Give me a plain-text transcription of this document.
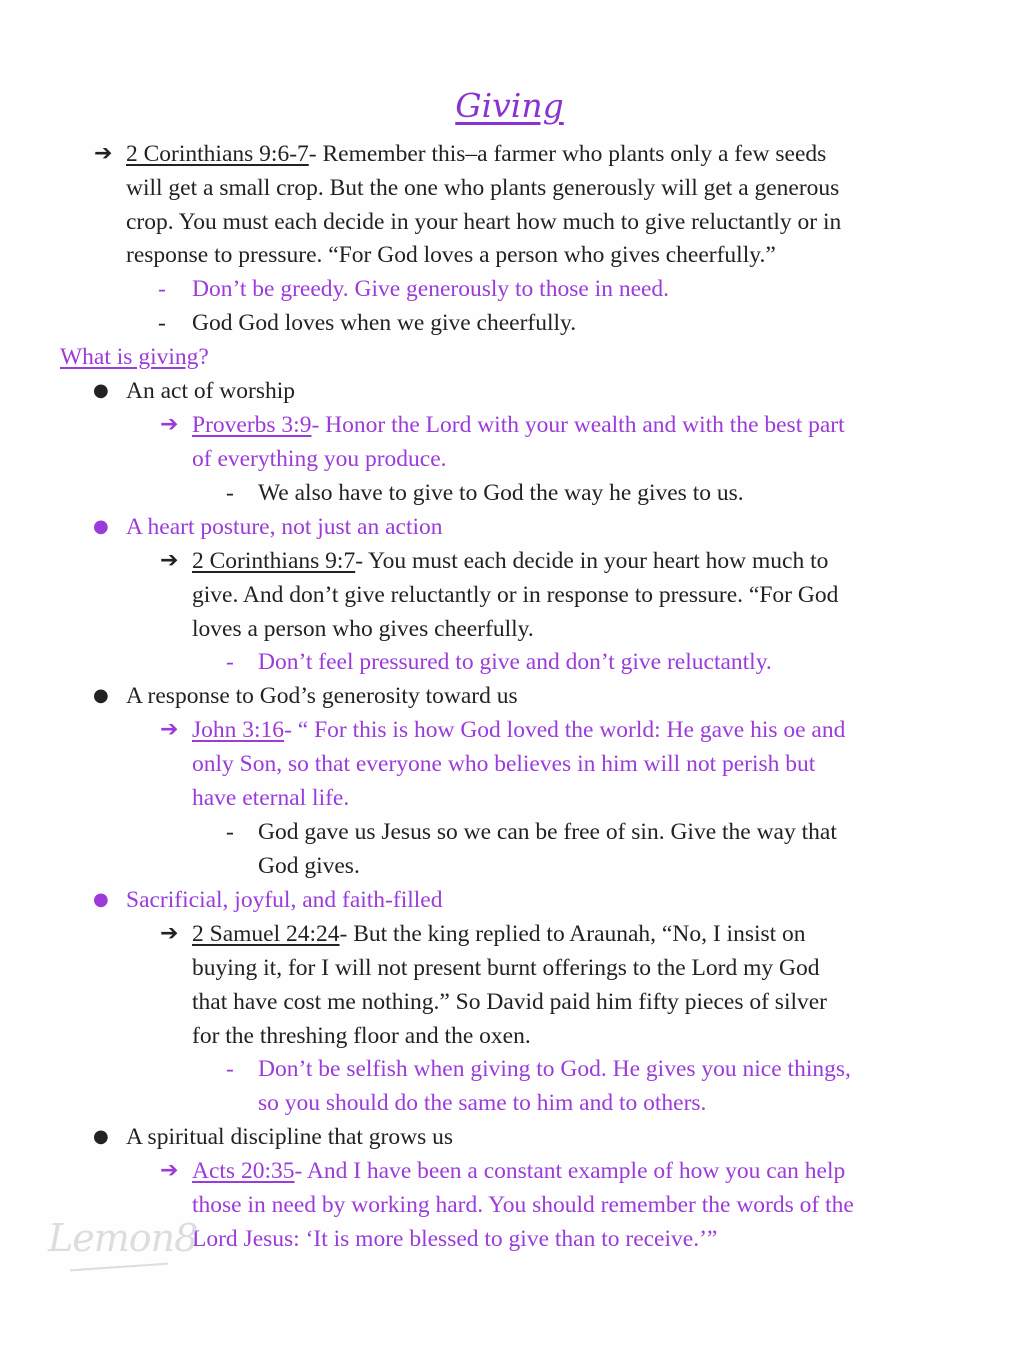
Giving
➔ 2 Corinthians 9:6-7- Remember this–a farmer who plants only a few seeds
will get a small crop. But the one who plants generously will get a generous
crop. You must each decide in your heart how much to give reluctantly or in
response to pressure. “For God loves a person who gives cheerfully.”
- Don’t be greedy. Give generously to those in need.
- God God loves when we give cheerfully.
What is giving?
● An act of worship
➔ Proverbs 3:9- Honor the Lord with your wealth and with the best part
of everything you produce.
- We also have to give to God the way he gives to us.
● A heart posture, not just an action
➔ 2 Corinthians 9:7- You must each decide in your heart how much to
give. And don’t give reluctantly or in response to pressure. “For God
loves a person who gives cheerfully.
- Don’t feel pressured to give and don’t give reluctantly.
● A response to God’s generosity toward us
➔ John 3:16- “ For this is how God loved the world: He gave his oe and
only Son, so that everyone who believes in him will not perish but
have eternal life.
- God gave us Jesus so we can be free of sin. Give the way that
God gives.
● Sacrificial, joyful, and faith-filled
➔ 2 Samuel 24:24- But the king replied to Araunah, “No, I insist on
buying it, for I will not present burnt offerings to the Lord my God
that have cost me nothing.” So David paid him fifty pieces of silver
for the threshing floor and the oxen.
- Don’t be selfish when giving to God. He gives you nice things,
so you should do the same to him and to others.
● A spiritual discipline that grows us
➔ Acts 20:35- And I have been a constant example of how you can help
those in need by working hard. You should remember the words of the
Lord Jesus: ‘It is more blessed to give than to receive.’”
Lemon8
